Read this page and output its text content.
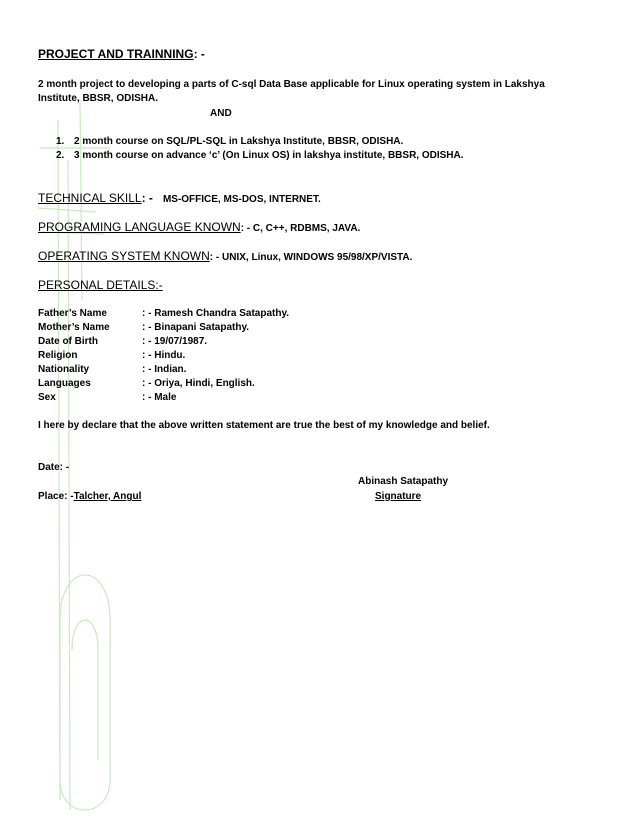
PROJECT AND TRAINNING: -
2 month project to developing a parts of C-sql Data Base applicable for Linux operating system in Lakshya Institute, BBSR, ODISHA.
AND
1. 2 month course on SQL/PL-SQL in Lakshya Institute, BBSR, ODISHA.
2. 3 month course on advance ‘c’ (On Linux OS) in lakshya institute, BBSR, ODISHA.
TECHNICAL SKILL: - MS-OFFICE, MS-DOS, INTERNET.
PROGRAMING LANGUAGE KNOWN: - C, C++, RDBMS, JAVA.
OPERATING SYSTEM KNOWN: - UNIX, Linux, WINDOWS 95/98/XP/VISTA.
PERSONAL DETAILS:-
Father’s Name	: - Ramesh Chandra Satapathy.
Mother’s Name	: - Binapani Satapathy.
Date of Birth	: - 19/07/1987.
Religion	: - Hindu.
Nationality	: - Indian.
Languages	: - Oriya, Hindi, English.
Sex	: - Male
I here by declare that the above written statement are true the best of my knowledge and belief.
Date: -
Abinash Satapathy
Place: -Talcher, Angul	Signature
